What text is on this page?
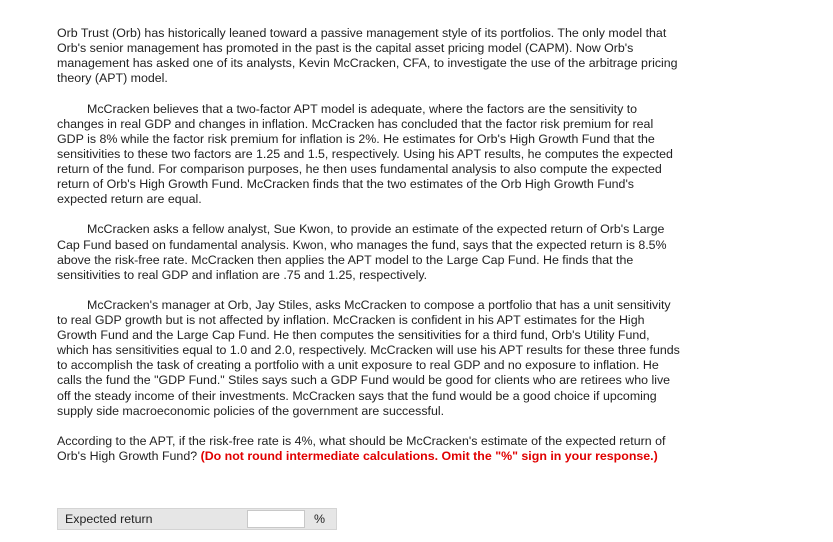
Orb Trust (Orb) has historically leaned toward a passive management style of its portfolios. The only model that Orb's senior management has promoted in the past is the capital asset pricing model (CAPM). Now Orb's management has asked one of its analysts, Kevin McCracken, CFA, to investigate the use of the arbitrage pricing theory (APT) model.

McCracken believes that a two-factor APT model is adequate, where the factors are the sensitivity to changes in real GDP and changes in inflation. McCracken has concluded that the factor risk premium for real GDP is 8% while the factor risk premium for inflation is 2%. He estimates for Orb's High Growth Fund that the sensitivities to these two factors are 1.25 and 1.5, respectively. Using his APT results, he computes the expected return of the fund. For comparison purposes, he then uses fundamental analysis to also compute the expected return of Orb's High Growth Fund. McCracken finds that the two estimates of the Orb High Growth Fund's expected return are equal.

McCracken asks a fellow analyst, Sue Kwon, to provide an estimate of the expected return of Orb's Large Cap Fund based on fundamental analysis. Kwon, who manages the fund, says that the expected return is 8.5% above the risk-free rate. McCracken then applies the APT model to the Large Cap Fund. He finds that the sensitivities to real GDP and inflation are .75 and 1.25, respectively.

McCracken's manager at Orb, Jay Stiles, asks McCracken to compose a portfolio that has a unit sensitivity to real GDP growth but is not affected by inflation. McCracken is confident in his APT estimates for the High Growth Fund and the Large Cap Fund. He then computes the sensitivities for a third fund, Orb's Utility Fund, which has sensitivities equal to 1.0 and 2.0, respectively. McCracken will use his APT results for these three funds to accomplish the task of creating a portfolio with a unit exposure to real GDP and no exposure to inflation. He calls the fund the "GDP Fund." Stiles says such a GDP Fund would be good for clients who are retirees who live off the steady income of their investments. McCracken says that the fund would be a good choice if upcoming supply side macroeconomic policies of the government are successful.

According to the APT, if the risk-free rate is 4%, what should be McCracken's estimate of the expected return of Orb's High Growth Fund? (Do not round intermediate calculations. Omit the "%" sign in your response.)

Expected return	%
